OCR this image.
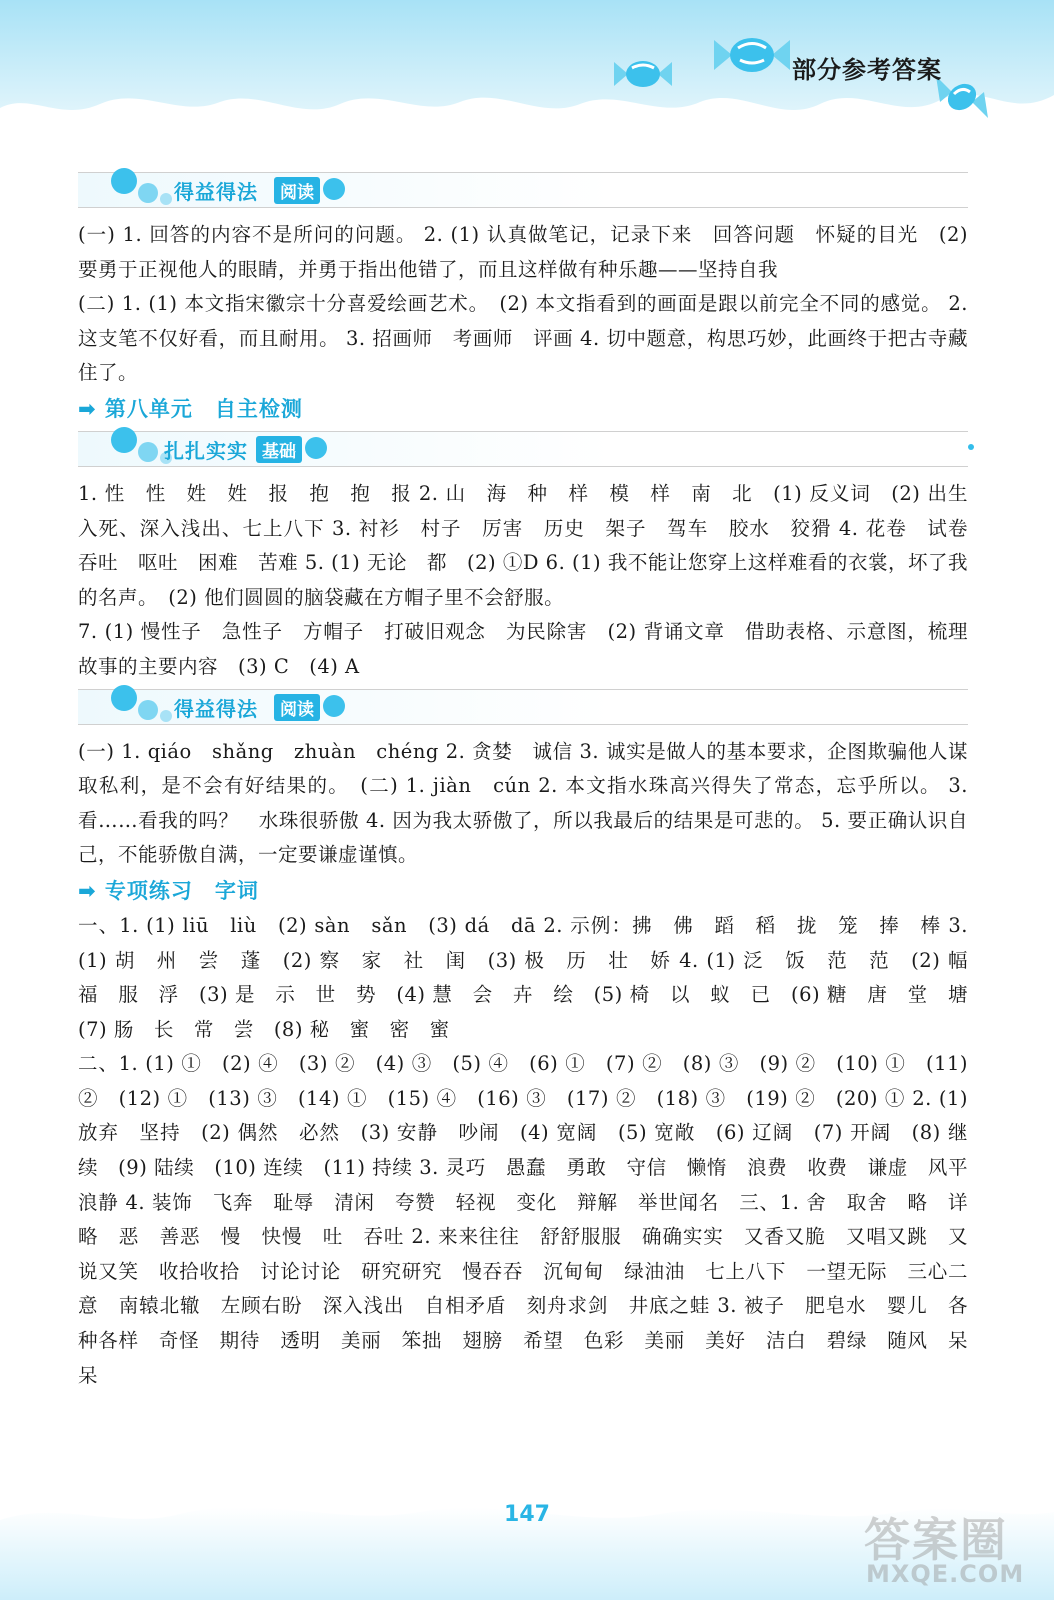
部分参考答案
得益得法	阅读

(一) 1. 回答的内容不是所问的问题。 2. (1) 认真做笔记，记录下来　回答问题　怀疑的目光　(2) 要勇于正视他人的眼睛，并勇于指出他错了，而且这样做有种乐趣——坚持自我

(二) 1. (1) 本文指宋徽宗十分喜爱绘画艺术。　(2) 本文指看到的画面是跟以前完全不同的感觉。 2. 这支笔不仅好看，而且耐用。 3. 招画师　考画师　评画 4. 切中题意，构思巧妙，此画终于把古寺藏住了。

➡ 第八单元　自主检测

扎扎实实 基础

1. 性　性　姓　姓　报　抱　抱　报 2. 山　海　种　样　模　样　南　北　(1) 反义词　(2) 出生入死、深入浅出、七上八下 3. 衬衫　村子　厉害　历史　架子　驾车　胶水　狡猾 4. 花卷　试卷　吞吐　呕吐　困难　苦难 5. (1) 无论　都　(2) ①D 6. (1) 我不能让您穿上这样难看的衣裳，坏了我的名声。　(2) 他们圆圆的脑袋藏在方帽子里不会舒服。

7. (1) 慢性子　急性子　方帽子　打破旧观念　为民除害　(2) 背诵文章　借助表格、示意图，梳理故事的主要内容　(3) C　(4) A

得益得法	阅读

(一) 1. qiáo　shǎng　zhuàn　chéng 2. 贪婪　诚信 3. 诚实是做人的基本要求，企图欺骗他人谋取私利，是不会有好结果的。　(二) 1. jiàn　cún 2. 本文指水珠高兴得失了常态，忘乎所以。 3. 看……看我的吗？　水珠很骄傲 4. 因为我太骄傲了，所以我最后的结果是可悲的。 5. 要正确认识自己，不能骄傲自满，一定要谦虚谨慎。

➡ 专项练习　字词

一、1. (1) liū　liù　(2) sàn　sǎn　(3) dá　dā 2. 示例：拂　佛　蹈　稻　拢　笼　捧　棒 3. (1) 胡　州　尝　蓬　(2) 察　家　社　闺　(3) 极　历　壮　娇 4. (1) 泛　饭　范　范　(2) 幅　福　服　浮　(3) 是　示　世　势　(4) 慧　会　卉　绘　(5) 椅　以　蚁　已　(6) 糖　唐　堂　塘　(7) 肠　长　常　尝　(8) 秘　蜜　密　蜜

二、1. (1) ①　(2) ④　(3) ②　(4) ③　(5) ④　(6) ①　(7) ②　(8) ③　(9) ②　(10) ①　(11) ②　(12) ①　(13) ③　(14) ①　(15) ④　(16) ③　(17) ②　(18) ③　(19) ②　(20) ① 2. (1) 放弃　坚持　(2) 偶然　必然　(3) 安静　吵闹　(4) 宽阔　(5) 宽敞　(6) 辽阔　(7) 开阔　(8) 继续　(9) 陆续　(10) 连续　(11) 持续 3. 灵巧　愚蠢　勇敢　守信　懒惰　浪费　收费　谦虚　风平浪静 4. 装饰　飞奔　耻辱　清闲　夸赞　轻视　变化　辩解　举世闻名　三、1. 舍　取舍　略　详略　恶　善恶　慢　快慢　吐　吞吐 2. 来来往往　舒舒服服　确确实实　又香又脆　又唱又跳　又说又笑　收拾收拾　讨论讨论　研究研究　慢吞吞　沉甸甸　绿油油　七上八下　一望无际　三心二意　南辕北辙　左顾右盼　深入浅出　自相矛盾　刻舟求剑　井底之蛙 3. 被子　肥皂水　婴儿　各种各样　奇怪　期待　透明　美丽　笨拙　翅膀　希望　色彩　美丽　美好　洁白　碧绿　随风　呆呆

147	答案圈
MXQE.COM
